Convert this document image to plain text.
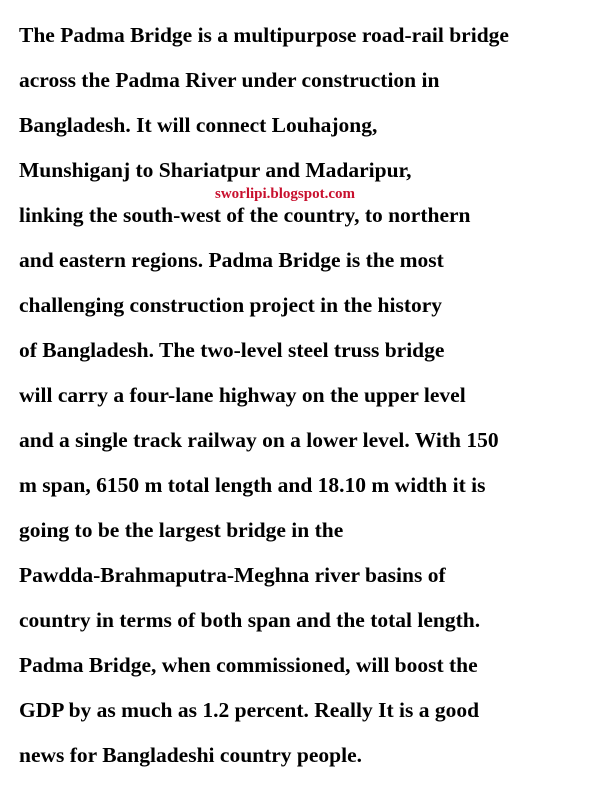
The Padma Bridge is a multipurpose road-rail bridge
across the Padma River under construction in
Bangladesh. It will connect Louhajong,
Munshiganj to Shariatpur and Madaripur,
linking the south-west of the country, to northern
and eastern regions. Padma Bridge is the most
challenging construction project in the history
of Bangladesh. The two-level steel truss bridge
will carry a four-lane highway on the upper level
and a single track railway on a lower level. With 150
m span, 6150 m total length and 18.10 m width it is
going to be the largest bridge in the
Pawdda-Brahmaputra-Meghna river basins of
country in terms of both span and the total length.
Padma Bridge, when commissioned, will boost the
GDP by as much as 1.2 percent. Really It is a good
news for Bangladeshi country people.
sworlipi.blogspot.com
